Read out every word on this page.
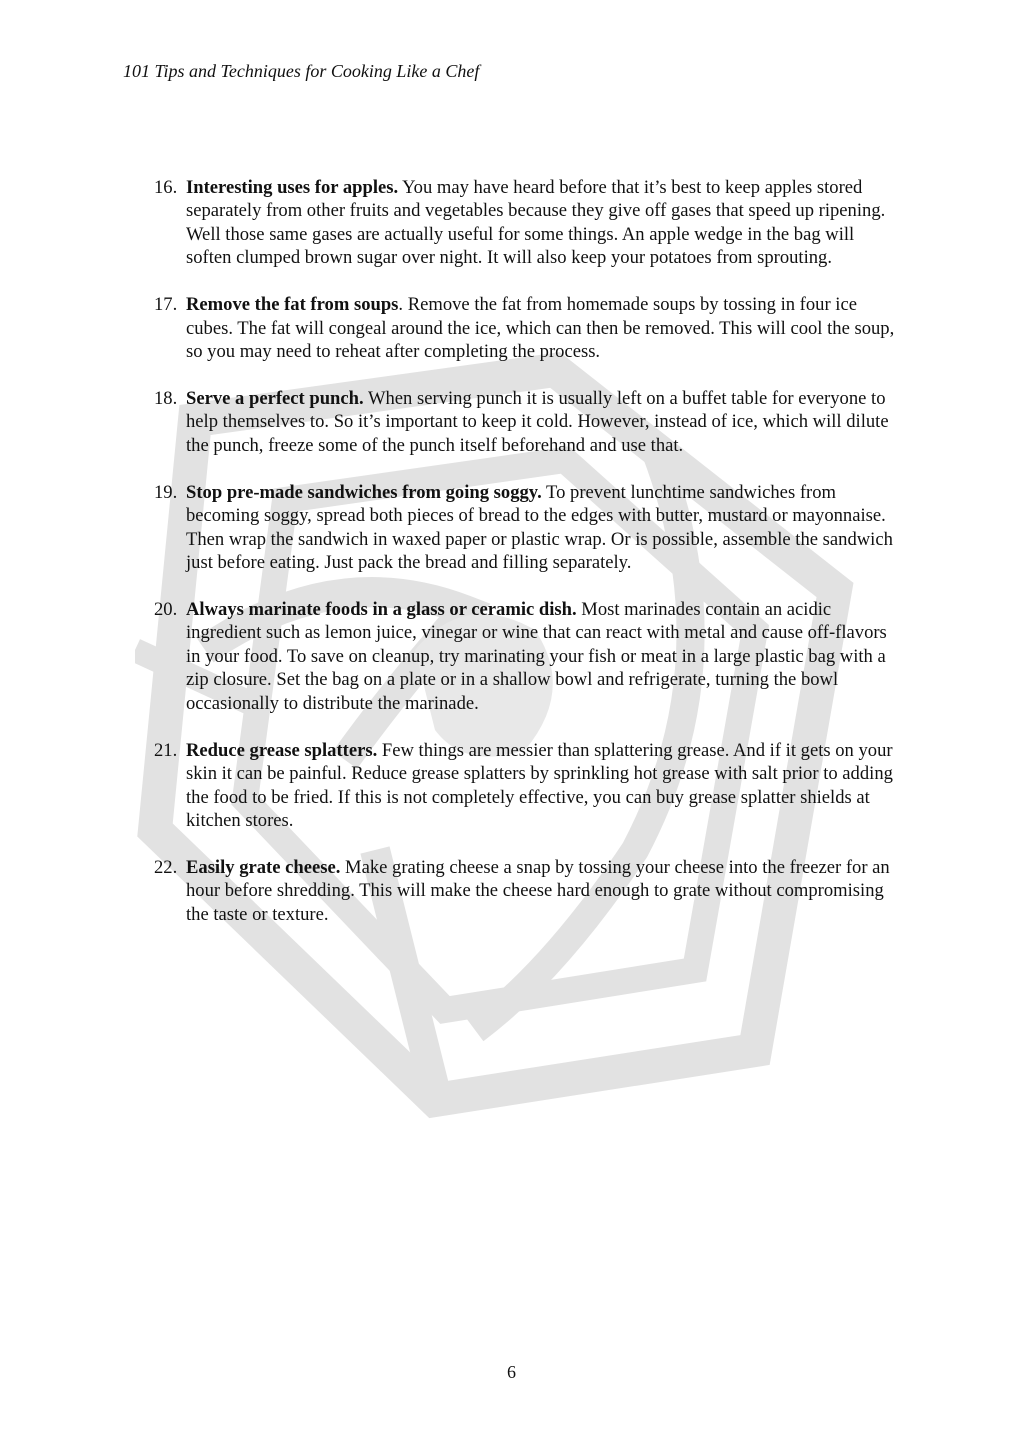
101 Tips and Techniques for Cooking Like a Chef
16. Interesting uses for apples. You may have heard before that it’s best to keep apples stored separately from other fruits and vegetables because they give off gases that speed up ripening. Well those same gases are actually useful for some things. An apple wedge in the bag will soften clumped brown sugar over night. It will also keep your potatoes from sprouting.
17. Remove the fat from soups. Remove the fat from homemade soups by tossing in four ice cubes. The fat will congeal around the ice, which can then be removed. This will cool the soup, so you may need to reheat after completing the process.
18. Serve a perfect punch. When serving punch it is usually left on a buffet table for everyone to help themselves to. So it’s important to keep it cold. However, instead of ice, which will dilute the punch, freeze some of the punch itself beforehand and use that.
19. Stop pre-made sandwiches from going soggy. To prevent lunchtime sandwiches from becoming soggy, spread both pieces of bread to the edges with butter, mustard or mayonnaise. Then wrap the sandwich in waxed paper or plastic wrap. Or is possible, assemble the sandwich just before eating. Just pack the bread and filling separately.
20. Always marinate foods in a glass or ceramic dish. Most marinades contain an acidic ingredient such as lemon juice, vinegar or wine that can react with metal and cause off-flavors in your food. To save on cleanup, try marinating your fish or meat in a large plastic bag with a zip closure. Set the bag on a plate or in a shallow bowl and refrigerate, turning the bowl occasionally to distribute the marinade.
21. Reduce grease splatters. Few things are messier than splattering grease. And if it gets on your skin it can be painful. Reduce grease splatters by sprinkling hot grease with salt prior to adding the food to be fried. If this is not completely effective, you can buy grease splatter shields at kitchen stores.
22. Easily grate cheese. Make grating cheese a snap by tossing your cheese into the freezer for an hour before shredding. This will make the cheese hard enough to grate without compromising the taste or texture.
6
